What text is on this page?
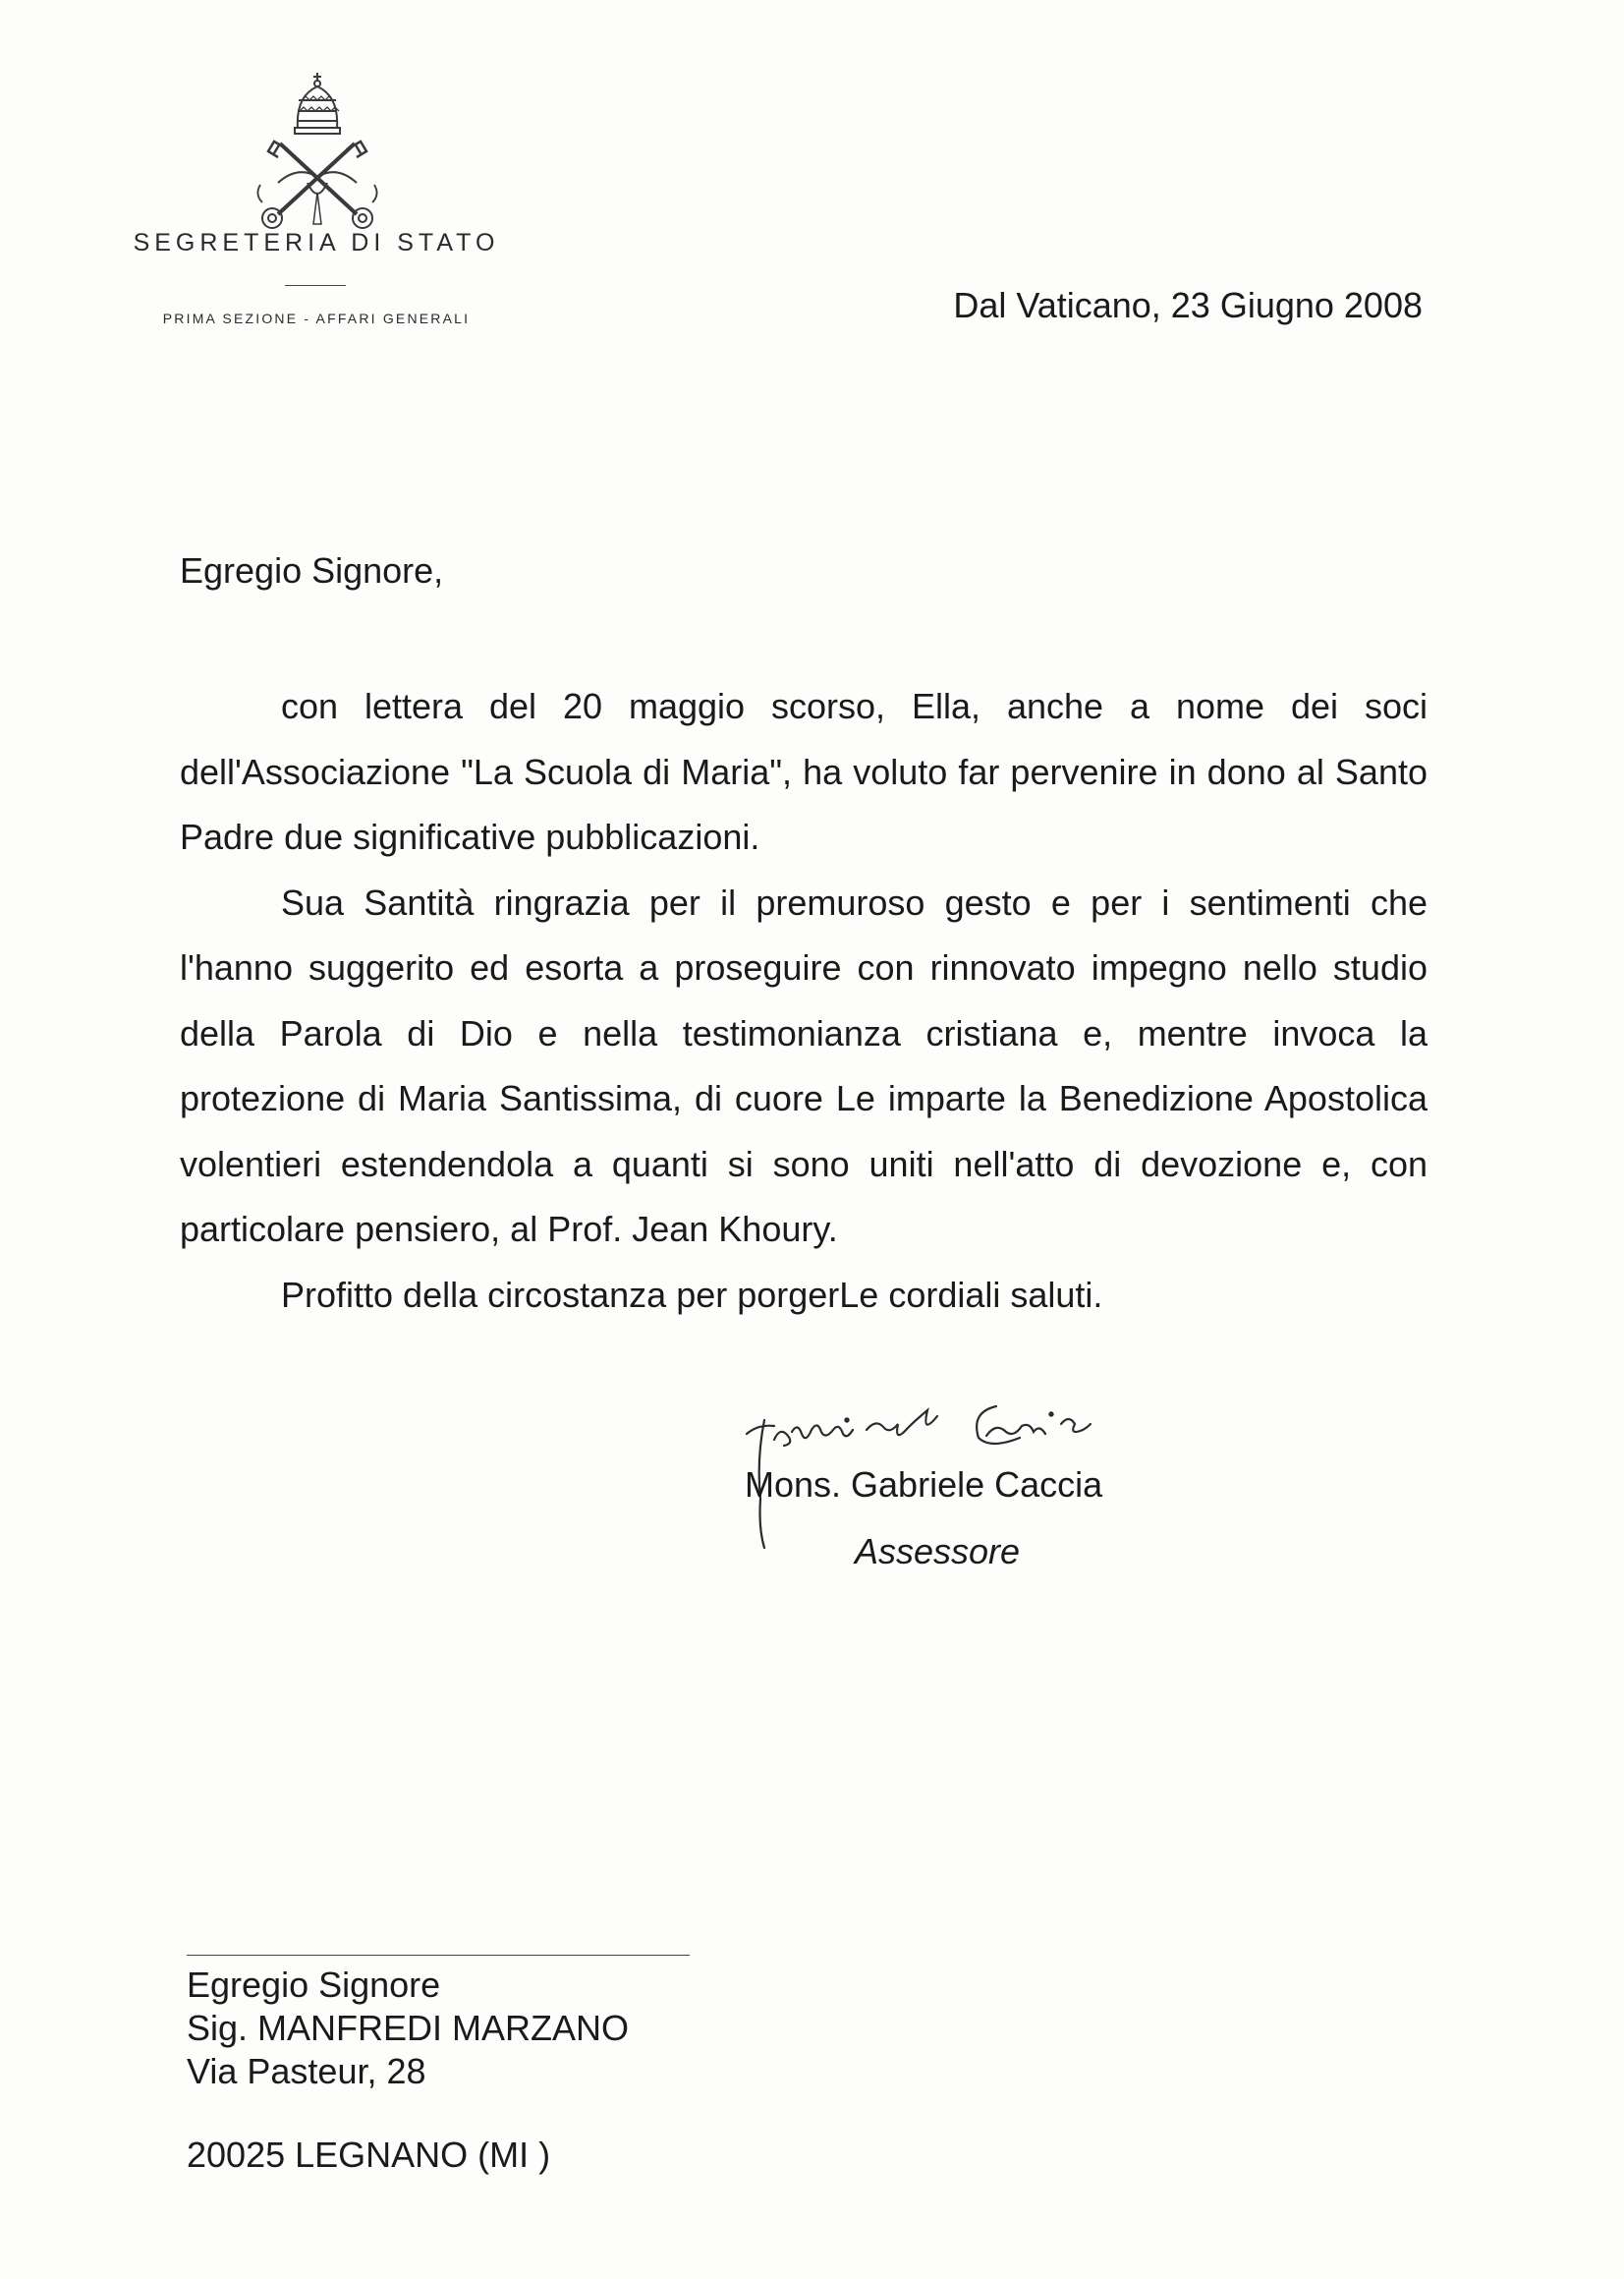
SEGRETERIA DI STATO
PRIMA SEZIONE - AFFARI GENERALI	Dal Vaticano, 23 Giugno 2008
Egregio Signore,

con lettera del 20 maggio scorso, Ella, anche a nome dei soci dell'Associazione "La Scuola di Maria", ha voluto far pervenire in dono al Santo Padre due significative pubblicazioni.

Sua Santità ringrazia per il premuroso gesto e per i sentimenti che l'hanno suggerito ed esorta a proseguire con rinnovato impegno nello studio della Parola di Dio e nella testimonianza cristiana e, mentre invoca la protezione di Maria Santissima, di cuore Le imparte la Benedizione Apostolica volentieri estendendola a quanti si sono uniti nell'atto di devozione e, con particolare pensiero, al Prof. Jean Khoury.

Profitto della circostanza per porgerLe cordiali saluti.

Mons. Gabriele Caccia
Assessore
Egregio Signore
Sig. MANFREDI MARZANO
Via Pasteur, 28
20025 LEGNANO (MI )
